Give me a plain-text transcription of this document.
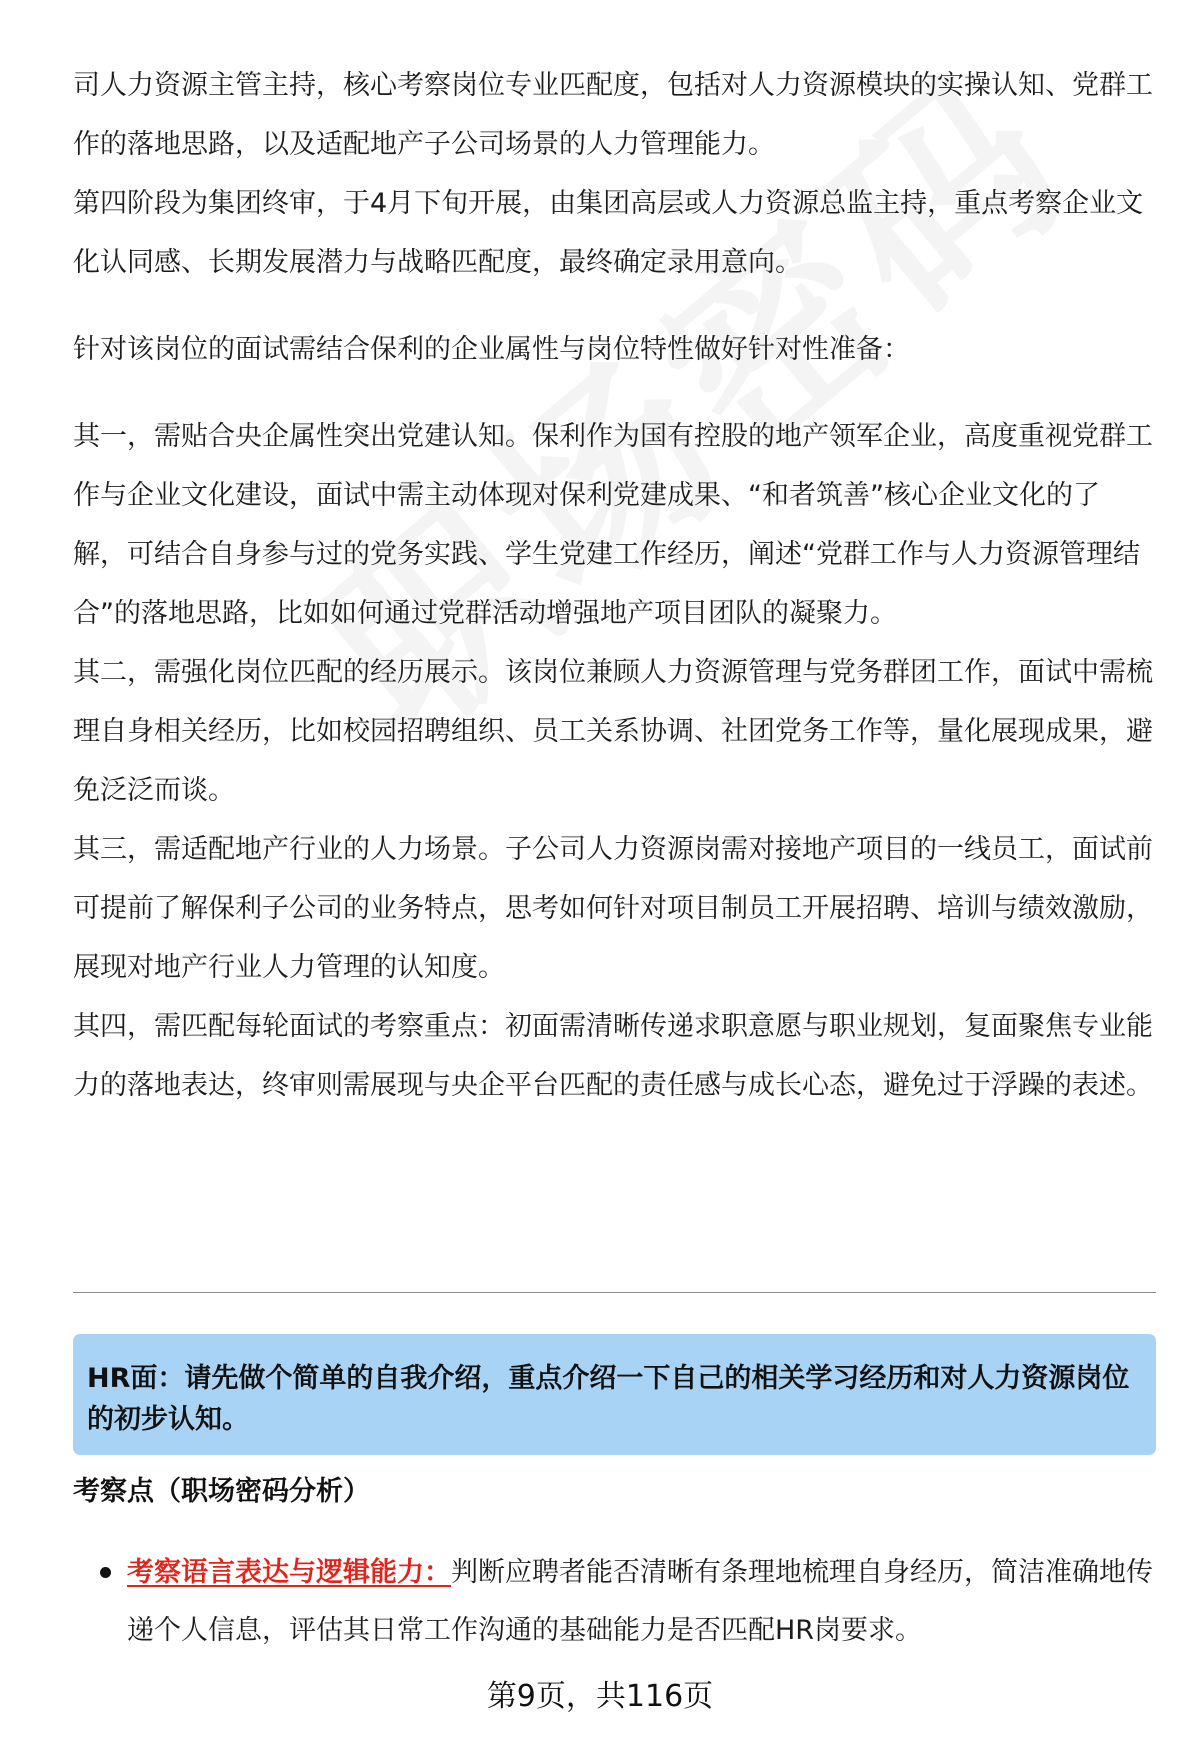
司人力资源主管主持，核心考察岗位专业匹配度，包括对人力资源模块的实操认知、党群工作的落地思路，以及适配地产子公司场景的人力管理能力。

第四阶段为集团终审，于4月下旬开展，由集团高层或人力资源总监主持，重点考察企业文化认同感、长期发展潜力与战略匹配度，最终确定录用意向。

针对该岗位的面试需结合保利的企业属性与岗位特性做好针对性准备：

其一，需贴合央企属性突出党建认知。保利作为国有控股的地产领军企业，高度重视党群工作与企业文化建设，面试中需主动体现对保利党建成果、“和者筑善”核心企业文化的了解，可结合自身参与过的党务实践、学生党建工作经历，阐述“党群工作与人力资源管理结合”的落地思路，比如如何通过党群活动增强地产项目团队的凝聚力。

其二，需强化岗位匹配的经历展示。该岗位兼顾人力资源管理与党务群团工作，面试中需梳理自身相关经历，比如校园招聘组织、员工关系协调、社团党务工作等，量化展现成果，避免泛泛而谈。

其三，需适配地产行业的人力场景。子公司人力资源岗需对接地产项目的一线员工，面试前可提前了解保利子公司的业务特点，思考如何针对项目制员工开展招聘、培训与绩效激励，展现对地产行业人力管理的认知度。

其四，需匹配每轮面试的考察重点：初面需清晰传递求职意愿与职业规划，复面聚焦专业能力的落地表达，终审则需展现与央企平台匹配的责任感与成长心态，避免过于浮躁的表述。

HR面：请先做个简单的自我介绍，重点介绍一下自己的相关学习经历和对人力资源岗位的初步认知。
考察点（职场密码分析）
考察语言表达与逻辑能力：判断应聘者能否清晰有条理地梳理自身经历，简洁准确地传递个人信息，评估其日常工作沟通的基础能力是否匹配HR岗要求。
第9页，共116页
